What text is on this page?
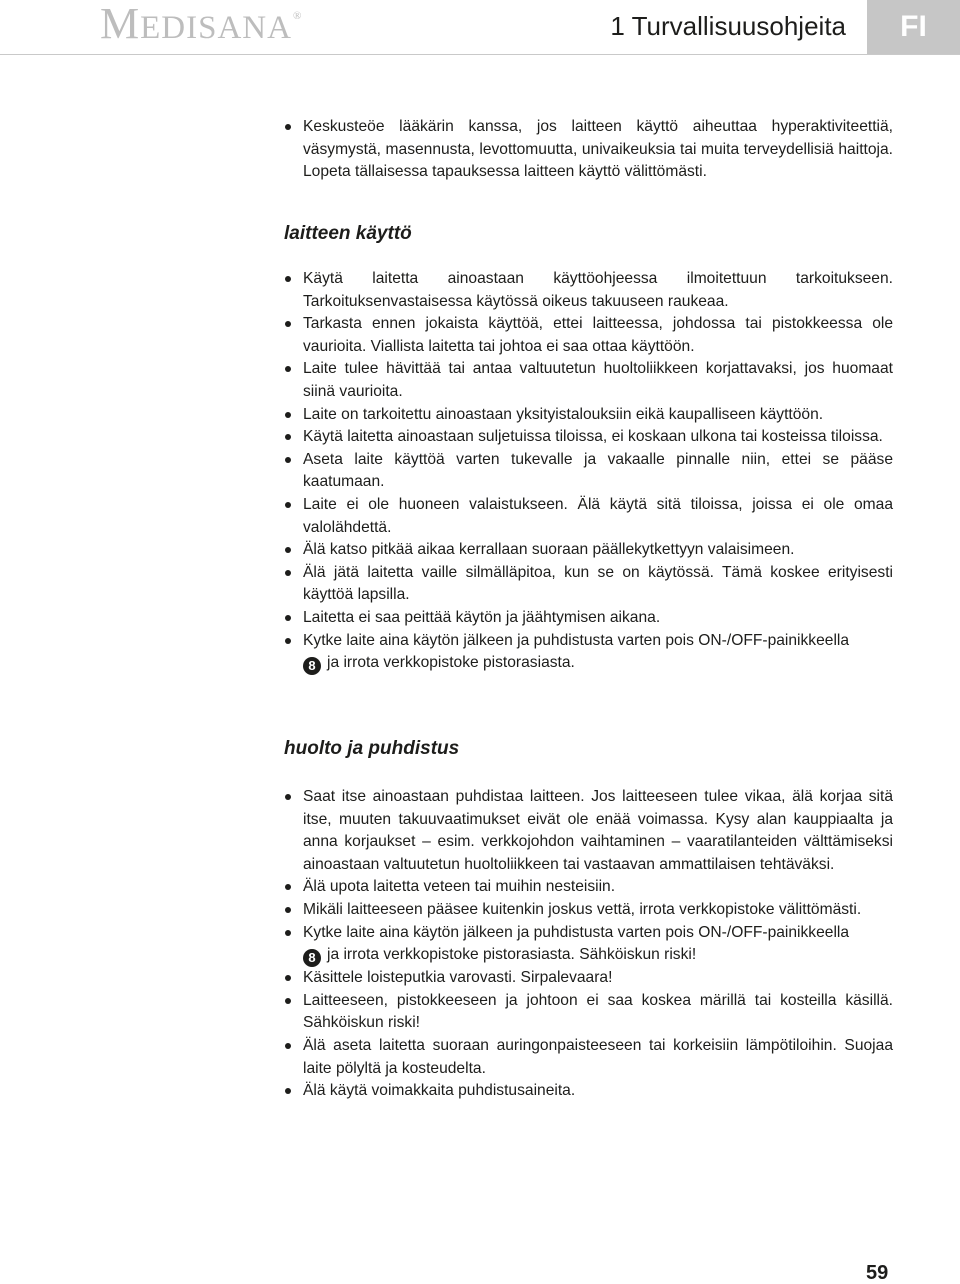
MEDISANA®	1 Turvallisuusohjeita	FI
Keskusteöe lääkärin kanssa, jos laitteen käyttö aiheuttaa hyperaktiviteettiä, väsymystä, masennusta, levottomuutta, univaikeuksia tai muita terveydellisiä haittoja. Lopeta tällaisessa tapauksessa laitteen käyttö välittömästi.
laitteen käyttö
Käytä laitetta ainoastaan käyttöohjeessa ilmoitettuun tarkoitukseen. Tarkoituksenvastaisessa käytössä oikeus takuuseen raukeaa.
Tarkasta ennen jokaista käyttöä, ettei laitteessa, johdossa tai pistokkeessa ole vaurioita. Viallista laitetta tai johtoa ei saa ottaa käyttöön.
Laite tulee hävittää tai antaa valtuutetun huoltoliikkeen korjattavaksi, jos huomaat siinä vaurioita.
Laite on tarkoitettu ainoastaan yksityistalouksiin eikä kaupalliseen käyttöön.
Käytä laitetta ainoastaan suljetuissa tiloissa, ei koskaan ulkona tai kosteissa tiloissa.
Aseta laite käyttöä varten tukevalle ja vakaalle pinnalle niin, ettei se pääse kaatumaan.
Laite ei ole huoneen valaistukseen. Älä käytä sitä tiloissa, joissa ei ole omaa valolähdettä.
Älä katso pitkää aikaa kerrallaan suoraan päällekytkettyyn valaisimeen.
Älä jätä laitetta vaille silmälläpitoa, kun se on käytössä. Tämä koskee erityisesti käyttöä lapsilla.
Laitetta ei saa peittää käytön ja jäähtymisen aikana.
Kytke laite aina käytön jälkeen ja puhdistusta varten pois ON-/OFF-painikkeella
8 ja irrota verkkopistoke pistorasiasta.
huolto ja puhdistus
Saat itse ainoastaan puhdistaa laitteen. Jos laitteeseen tulee vikaa, älä korjaa sitä itse, muuten takuuvaatimukset eivät ole enää voimassa. Kysy alan kauppiaalta ja anna korjaukset – esim. verkkojohdon vaihtaminen – vaaratilanteiden välttämiseksi ainoastaan valtuutetun huoltoliikkeen tai vastaavan ammattilaisen tehtäväksi.
Älä upota laitetta veteen tai muihin nesteisiin.
Mikäli laitteeseen pääsee kuitenkin joskus vettä, irrota verkkopistoke välittömästi.
Kytke laite aina käytön jälkeen ja puhdistusta varten pois ON-/OFF-painikkeella
8 ja irrota verkkopistoke pistorasiasta. Sähköiskun riski!
Käsittele loisteputkia varovasti. Sirpalevaara!
Laitteeseen, pistokkeeseen ja johtoon ei saa koskea märillä tai kosteilla käsillä. Sähköiskun riski!
Älä aseta laitetta suoraan auringonpaisteeseen tai korkeisiin lämpötiloihin. Suojaa laite pölyltä ja kosteudelta.
Älä käytä voimakkaita puhdistusaineita.
59
